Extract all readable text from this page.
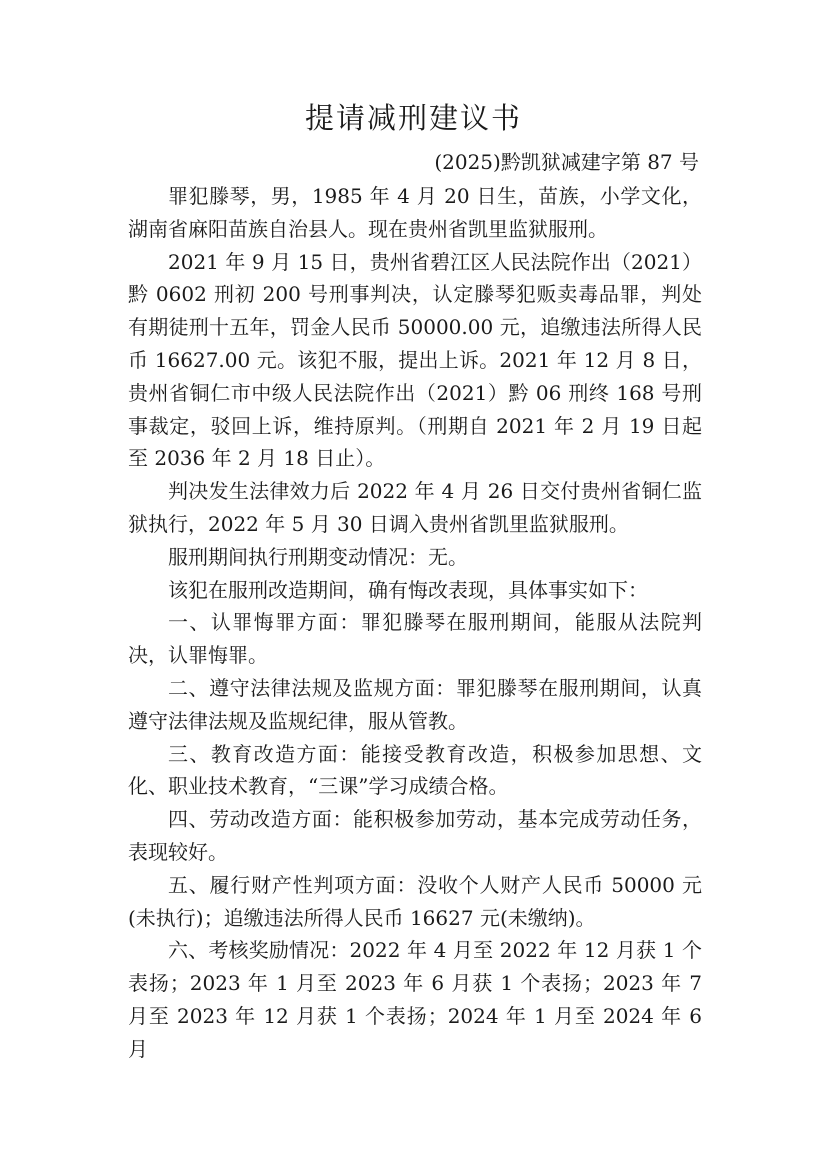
提请减刑建议书
(2025)黔凯狱减建字第 87 号

罪犯滕琴，男，1985 年 4 月 20 日生，苗族，小学文化，湖南省麻阳苗族自治县人。现在贵州省凯里监狱服刑。

2021 年 9 月 15 日，贵州省碧江区人民法院作出（2021）黔 0602 刑初 200 号刑事判决，认定滕琴犯贩卖毒品罪，判处有期徒刑十五年，罚金人民币 50000.00 元，追缴违法所得人民币 16627.00 元。该犯不服，提出上诉。2021 年 12 月 8 日，贵州省铜仁市中级人民法院作出（2021）黔 06 刑终 168 号刑事裁定，驳回上诉，维持原判。（刑期自 2021 年 2 月 19 日起至 2036 年 2 月 18 日止）。

判决发生法律效力后 2022 年 4 月 26 日交付贵州省铜仁监狱执行，2022 年 5 月 30 日调入贵州省凯里监狱服刑。

服刑期间执行刑期变动情况：无。

该犯在服刑改造期间，确有悔改表现，具体事实如下：

一、认罪悔罪方面：罪犯滕琴在服刑期间，能服从法院判决，认罪悔罪。

二、遵守法律法规及监规方面：罪犯滕琴在服刑期间，认真遵守法律法规及监规纪律，服从管教。

三、教育改造方面：能接受教育改造，积极参加思想、文化、职业技术教育，“三课”学习成绩合格。

四、劳动改造方面：能积极参加劳动，基本完成劳动任务，表现较好。

五、履行财产性判项方面：没收个人财产人民币 50000 元(未执行)；追缴违法所得人民币 16627 元(未缴纳)。

六、考核奖励情况：2022 年 4 月至 2022 年 12 月获 1 个表扬；2023 年 1 月至 2023 年 6 月获 1 个表扬；2023 年 7 月至 2023 年 12 月获 1 个表扬；2024 年 1 月至 2024 年 6 月
